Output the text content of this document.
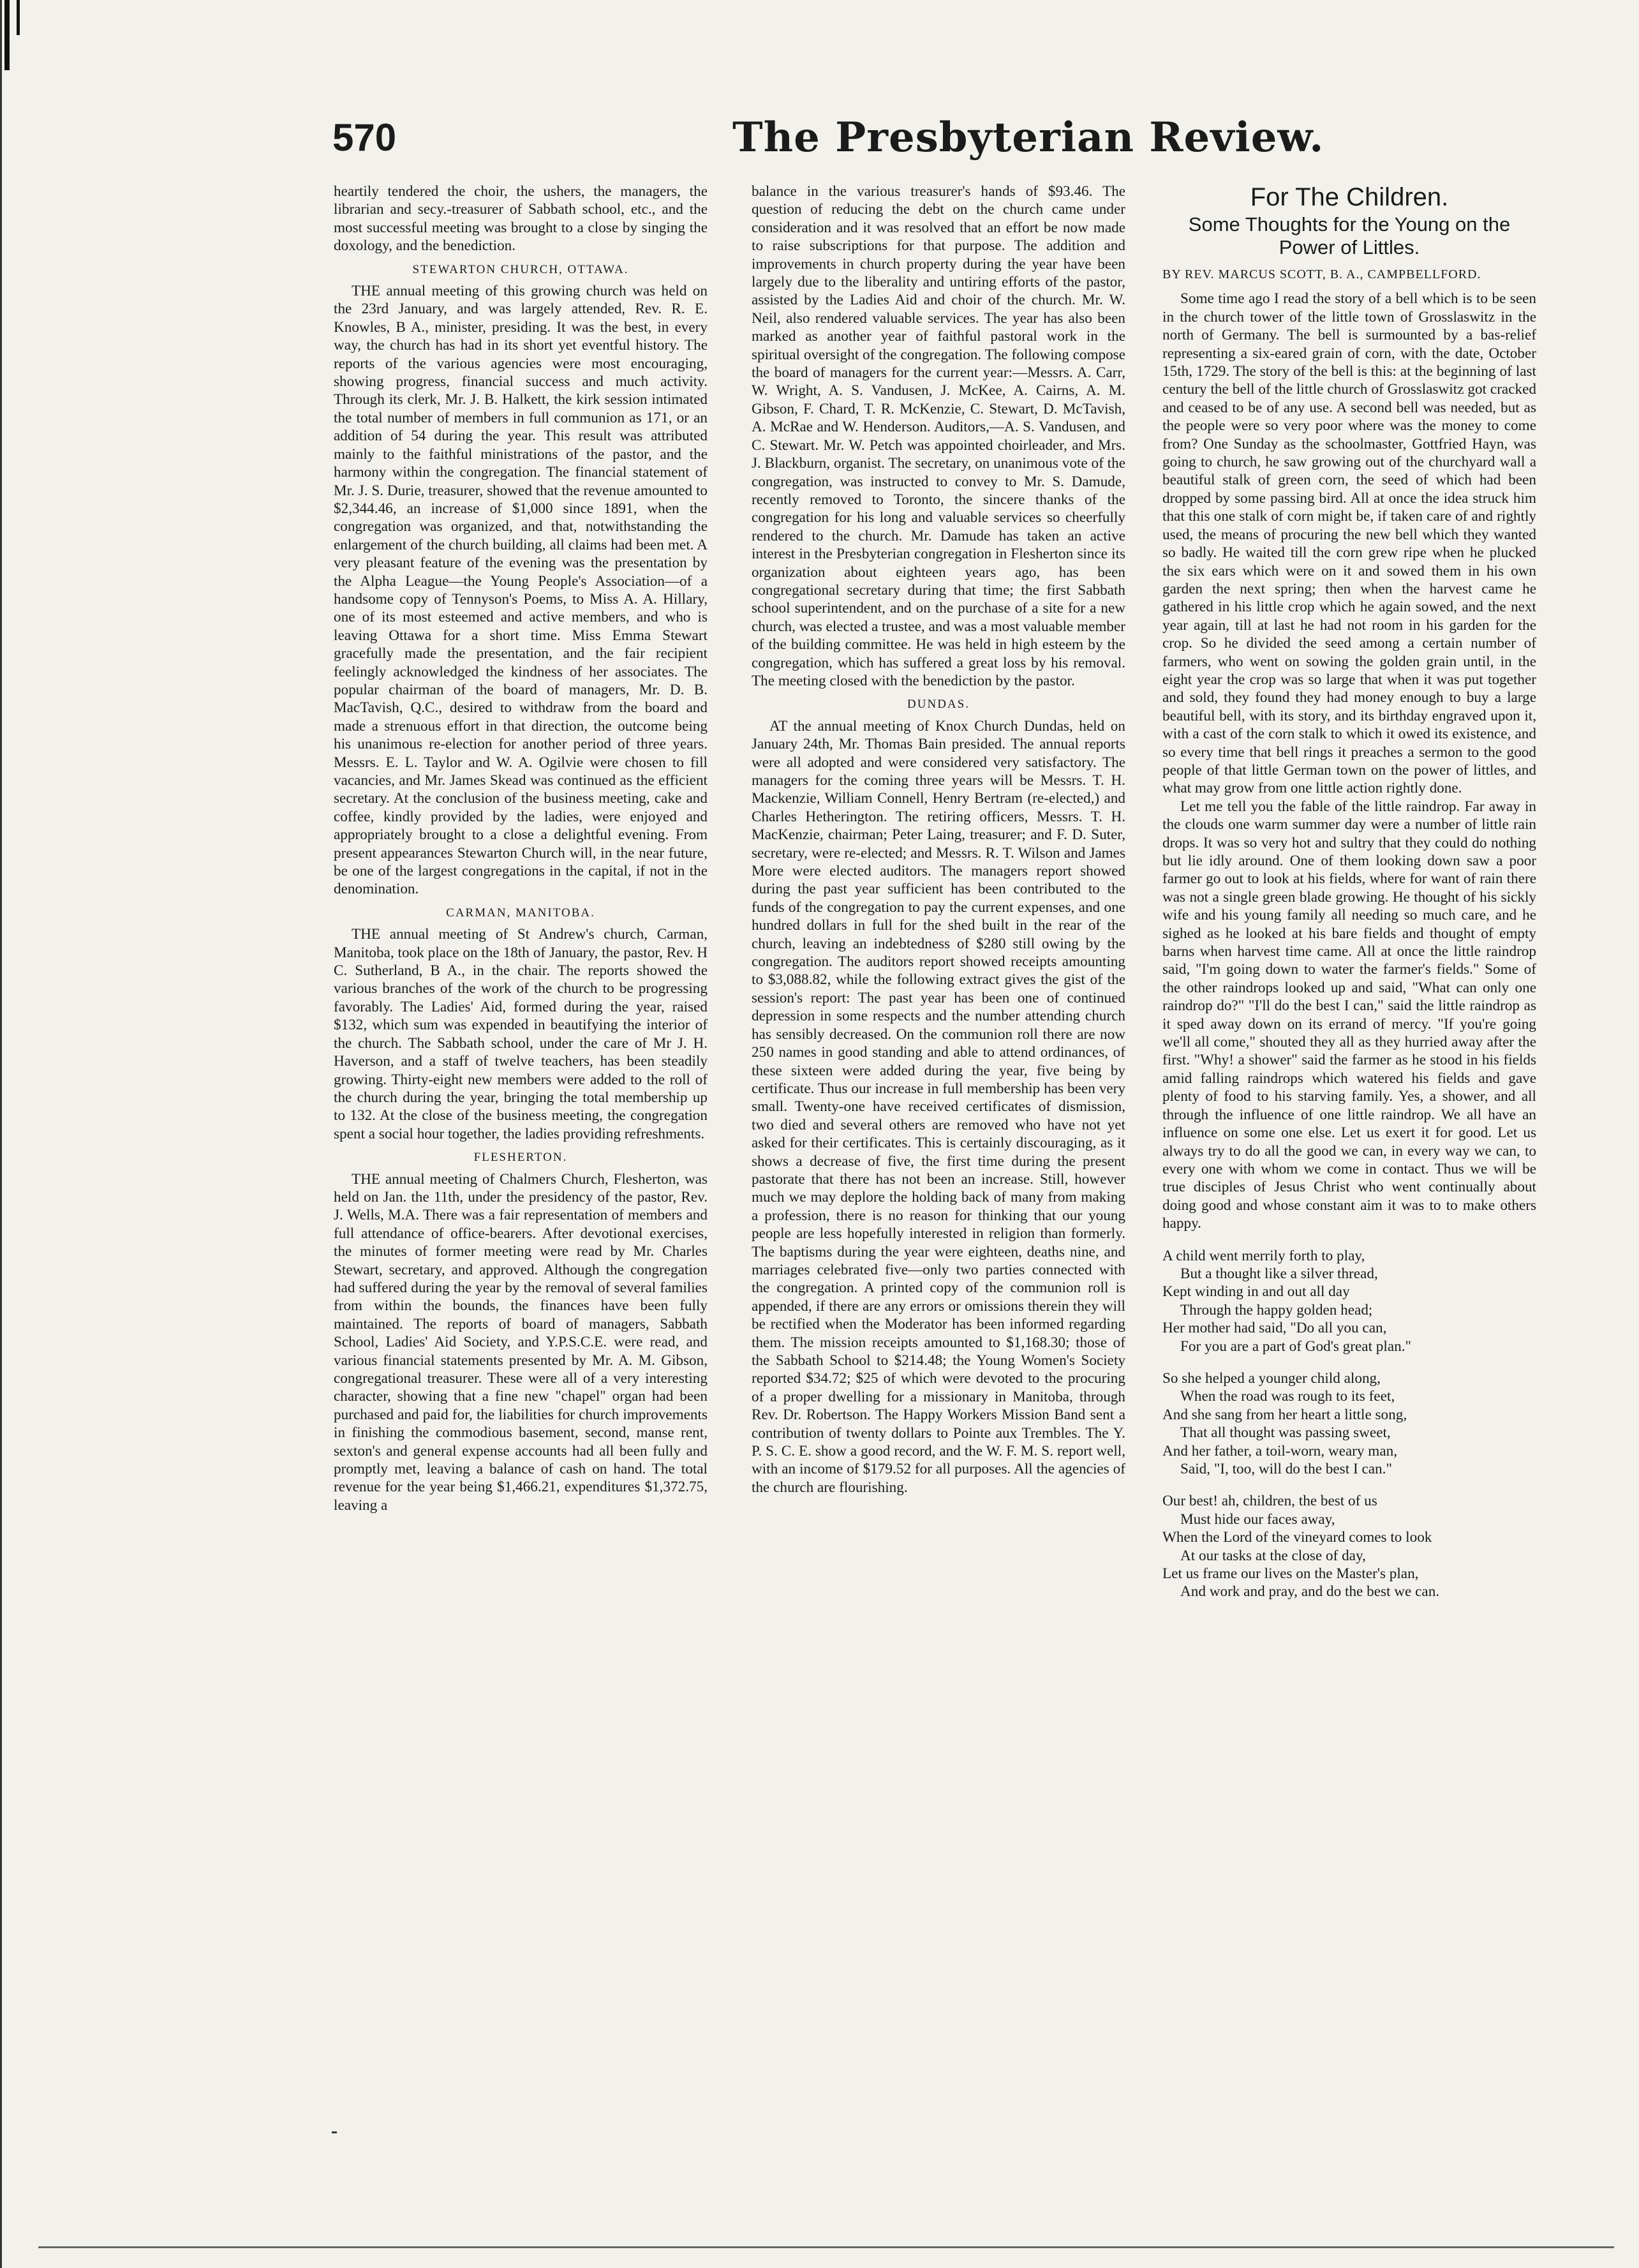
570	The Presbyterian Review.

heartily tendered the choir, the ushers, the managers, the librarian and secy.-treasurer of Sabbath school, etc., and the most successful meeting was brought to a close by singing the doxology, and the benediction.

STEWARTON CHURCH, OTTAWA.

THE annual meeting of this growing church was held on the 23rd January, and was largely attended, Rev. R. E. Knowles, B A., minister, presiding. It was the best, in every way, the church has had in its short yet eventful history. The reports of the various agencies were most encouraging, showing progress, financial success and much activity. Through its clerk, Mr. J. B. Halkett, the kirk session intimated the total number of members in full communion as 171, or an addition of 54 during the year. This result was attributed mainly to the faithful ministrations of the pastor, and the harmony within the congregation. The financial statement of Mr. J. S. Durie, treasurer, showed that the revenue amounted to $2,344.46, an increase of $1,000 since 1891, when the congregation was organized, and that, notwithstanding the enlargement of the church building, all claims had been met. A very pleasant feature of the evening was the presentation by the Alpha League—the Young People's Association—of a handsome copy of Tennyson's Poems, to Miss A. A. Hillary, one of its most esteemed and active members, and who is leaving Ottawa for a short time. Miss Emma Stewart gracefully made the presentation, and the fair recipient feelingly acknowledged the kindness of her associates. The popular chairman of the board of managers, Mr. D. B. MacTavish, Q.C., desired to withdraw from the board and made a strenuous effort in that direction, the outcome being his unanimous re-election for another period of three years. Messrs. E. L. Taylor and W. A. Ogilvie were chosen to fill vacancies, and Mr. James Skead was continued as the efficient secretary. At the conclusion of the business meeting, cake and coffee, kindly provided by the ladies, were enjoyed and appropriately brought to a close a delightful evening. From present appearances Stewarton Church will, in the near future, be one of the largest congregations in the capital, if not in the denomination.

CARMAN, MANITOBA.

THE annual meeting of St Andrew's church, Carman, Manitoba, took place on the 18th of January, the pastor, Rev. H C. Sutherland, B A., in the chair. The reports showed the various branches of the work of the church to be progressing favorably. The Ladies' Aid, formed during the year, raised $132, which sum was expended in beautifying the interior of the church. The Sabbath school, under the care of Mr J. H. Haverson, and a staff of twelve teachers, has been steadily growing. Thirty-eight new members were added to the roll of the church during the year, bringing the total membership up to 132. At the close of the business meeting, the congregation spent a social hour together, the ladies providing refreshments.

FLESHERTON.

THE annual meeting of Chalmers Church, Flesherton, was held on Jan. the 11th, under the presidency of the pastor, Rev. J. Wells, M.A. There was a fair representation of members and full attendance of office-bearers. After devotional exercises, the minutes of former meeting were read by Mr. Charles Stewart, secretary, and approved. Although the congregation had suffered during the year by the removal of several families from within the bounds, the finances have been fully maintained. The reports of board of managers, Sabbath School, Ladies' Aid Society, and Y.P.S.C.E. were read, and various financial statements presented by Mr. A. M. Gibson, congregational treasurer. These were all of a very interesting character, showing that a fine new "chapel" organ had been purchased and paid for, the liabilities for church improvements in finishing the commodious basement, second, manse rent, sexton's and general expense accounts had all been fully and promptly met, leaving a balance of cash on hand. The total revenue for the year being $1,466.21, expenditures $1,372.75, leaving a

balance in the various treasurer's hands of $93.46. The question of reducing the debt on the church came under consideration and it was resolved that an effort be now made to raise subscriptions for that purpose. The addition and improvements in church property during the year have been largely due to the liberality and untiring efforts of the pastor, assisted by the Ladies Aid and choir of the church. Mr. W. Neil, also rendered valuable services. The year has also been marked as another year of faithful pastoral work in the spiritual oversight of the congregation. The following compose the board of managers for the current year:—Messrs. A. Carr, W. Wright, A. S. Vandusen, J. McKee, A. Cairns, A. M. Gibson, F. Chard, T. R. McKenzie, C. Stewart, D. McTavish, A. McRae and W. Henderson. Auditors,—A. S. Vandusen, and C. Stewart. Mr. W. Petch was appointed choirleader, and Mrs. J. Blackburn, organist. The secretary, on unanimous vote of the congregation, was instructed to convey to Mr. S. Damude, recently removed to Toronto, the sincere thanks of the congregation for his long and valuable services so cheerfully rendered to the church. Mr. Damude has taken an active interest in the Presbyterian congregation in Flesherton since its organization about eighteen years ago, has been congregational secretary during that time; the first Sabbath school superintendent, and on the purchase of a site for a new church, was elected a trustee, and was a most valuable member of the building committee. He was held in high esteem by the congregation, which has suffered a great loss by his removal. The meeting closed with the benediction by the pastor.

DUNDAS.

AT the annual meeting of Knox Church Dundas, held on January 24th, Mr. Thomas Bain presided. The annual reports were all adopted and were considered very satisfactory. The managers for the coming three years will be Messrs. T. H. Mackenzie, William Connell, Henry Bertram (re-elected,) and Charles Hetherington. The retiring officers, Messrs. T. H. MacKenzie, chairman; Peter Laing, treasurer; and F. D. Suter, secretary, were re-elected; and Messrs. R. T. Wilson and James More were elected auditors. The managers report showed during the past year sufficient has been contributed to the funds of the congregation to pay the current expenses, and one hundred dollars in full for the shed built in the rear of the church, leaving an indebtedness of $280 still owing by the congregation. The auditors report showed receipts amounting to $3,088.82, while the following extract gives the gist of the session's report: The past year has been one of continued depression in some respects and the number attending church has sensibly decreased. On the communion roll there are now 250 names in good standing and able to attend ordinances, of these sixteen were added during the year, five being by certificate. Thus our increase in full membership has been very small. Twenty-one have received certificates of dismission, two died and several others are removed who have not yet asked for their certificates. This is certainly discouraging, as it shows a decrease of five, the first time during the present pastorate that there has not been an increase. Still, however much we may deplore the holding back of many from making a profession, there is no reason for thinking that our young people are less hopefully interested in religion than formerly. The baptisms during the year were eighteen, deaths nine, and marriages celebrated five—only two parties connected with the congregation. A printed copy of the communion roll is appended, if there are any errors or omissions therein they will be rectified when the Moderator has been informed regarding them. The mission receipts amounted to $1,168.30; those of the Sabbath School to $214.48; the Young Women's Society reported $34.72; $25 of which were devoted to the procuring of a proper dwelling for a missionary in Manitoba, through Rev. Dr. Robertson. The Happy Workers Mission Band sent a contribution of twenty dollars to Pointe aux Trembles. The Y. P. S. C. E. show a good record, and the W. F. M. S. report well, with an income of $179.52 for all purposes. All the agencies of the church are flourishing.

For The Children.
Some Thoughts for the Young on the Power of Littles.
BY REV. MARCUS SCOTT, B. A., CAMPBELLFORD.

Some time ago I read the story of a bell which is to be seen in the church tower of the little town of Grosslaswitz in the north of Germany. The bell is surmounted by a bas-relief representing a six-eared grain of corn, with the date, October 15th, 1729. The story of the bell is this: at the beginning of last century the bell of the little church of Grosslaswitz got cracked and ceased to be of any use. A second bell was needed, but as the people were so very poor where was the money to come from? One Sunday as the schoolmaster, Gottfried Hayn, was going to church, he saw growing out of the churchyard wall a beautiful stalk of green corn, the seed of which had been dropped by some passing bird. All at once the idea struck him that this one stalk of corn might be, if taken care of and rightly used, the means of procuring the new bell which they wanted so badly. He waited till the corn grew ripe when he plucked the six ears which were on it and sowed them in his own garden the next spring; then when the harvest came he gathered in his little crop which he again sowed, and the next year again, till at last he had not room in his garden for the crop. So he divided the seed among a certain number of farmers, who went on sowing the golden grain until, in the eight year the crop was so large that when it was put together and sold, they found they had money enough to buy a large beautiful bell, with its story, and its birthday engraved upon it, with a cast of the corn stalk to which it owed its existence, and so every time that bell rings it preaches a sermon to the good people of that little German town on the power of littles, and what may grow from one little action rightly done.

Let me tell you the fable of the little raindrop. Far away in the clouds one warm summer day were a number of little rain drops. It was so very hot and sultry that they could do nothing but lie idly around. One of them looking down saw a poor farmer go out to look at his fields, where for want of rain there was not a single green blade growing. He thought of his sickly wife and his young family all needing so much care, and he sighed as he looked at his bare fields and thought of empty barns when harvest time came. All at once the little raindrop said, "I'm going down to water the farmer's fields." Some of the other raindrops looked up and said, "What can only one raindrop do?" "I'll do the best I can," said the little raindrop as it sped away down on its errand of mercy. "If you're going we'll all come," shouted they all as they hurried away after the first. "Why! a shower" said the farmer as he stood in his fields amid falling raindrops which watered his fields and gave plenty of food to his starving family. Yes, a shower, and all through the influence of one little raindrop. We all have an influence on some one else. Let us exert it for good. Let us always try to do all the good we can, in every way we can, to every one with whom we come in contact. Thus we will be true disciples of Jesus Christ who went continually about doing good and whose constant aim it was to to make others happy.

A child went merrily forth to play,
But a thought like a silver thread,
Kept winding in and out all day
Through the happy golden head;
Her mother had said, "Do all you can,
For you are a part of God's great plan."
So she helped a younger child along,
When the road was rough to its feet,
And she sang from her heart a little song,
That all thought was passing sweet,
And her father, a toil-worn, weary man,
Said, "I, too, will do the best I can."
Our best! ah, children, the best of us
Must hide our faces away,
When the Lord of the vineyard comes to look
At our tasks at the close of day,
Let us frame our lives on the Master's plan,
And work and pray, and do the best we can.
